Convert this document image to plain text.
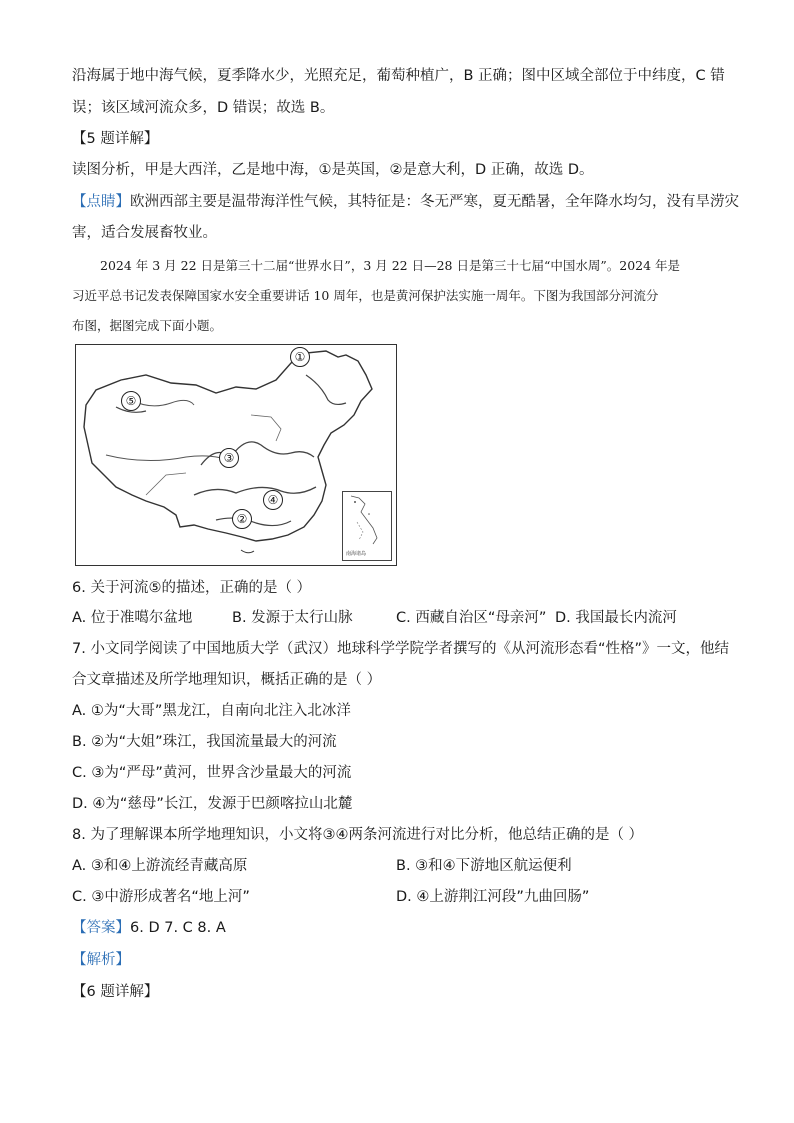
沿海属于地中海气候，夏季降水少，光照充足，葡萄种植广，B 正确；图中区域全部位于中纬度，C 错
误；该区域河流众多，D 错误；故选 B。
【5 题详解】
读图分析，甲是大西洋，乙是地中海，①是英国，②是意大利，D 正确，故选 D。
【点睛】欧洲西部主要是温带海洋性气候，其特征是：冬无严寒，夏无酷暑，全年降水均匀，没有旱涝灾
害，适合发展畜牧业。
2024 年 3 月 22 日是第三十二届“世界水日”，3 月 22 日—28 日是第三十七届“中国水周”。2024 年是
习近平总书记发表保障国家水安全重要讲话 10 周年，也是黄河保护法实施一周年。下图为我国部分河流分
布图，据图完成下面小题。
①
⑤
③
④
②
南海诸岛
6. 关于河流⑤的描述，正确的是（ ）
A. 位于准噶尔盆地	B. 发源于太行山脉	C. 西藏自治区“母亲河” D. 我国最长内流河
7. 小文同学阅读了中国地质大学（武汉）地球科学学院学者撰写的《从河流形态看“性格”》一文，他结
合文章描述及所学地理知识，概括正确的是（ ）
A. ①为“大哥”黑龙江，自南向北注入北冰洋
B. ②为“大姐”珠江，我国流量最大的河流
C. ③为“严母”黄河，世界含沙量最大的河流
D. ④为“慈母”长江，发源于巴颜喀拉山北麓
8. 为了理解课本所学地理知识，小文将③④两条河流进行对比分析，他总结正确的是（ ）
A. ③和④上游流经青藏高原	B. ③和④下游地区航运便利
C. ③中游形成著名“地上河”	D. ④上游荆江河段”九曲回肠”
【答案】6. D 7. C 8. A
【解析】
【6 题详解】
